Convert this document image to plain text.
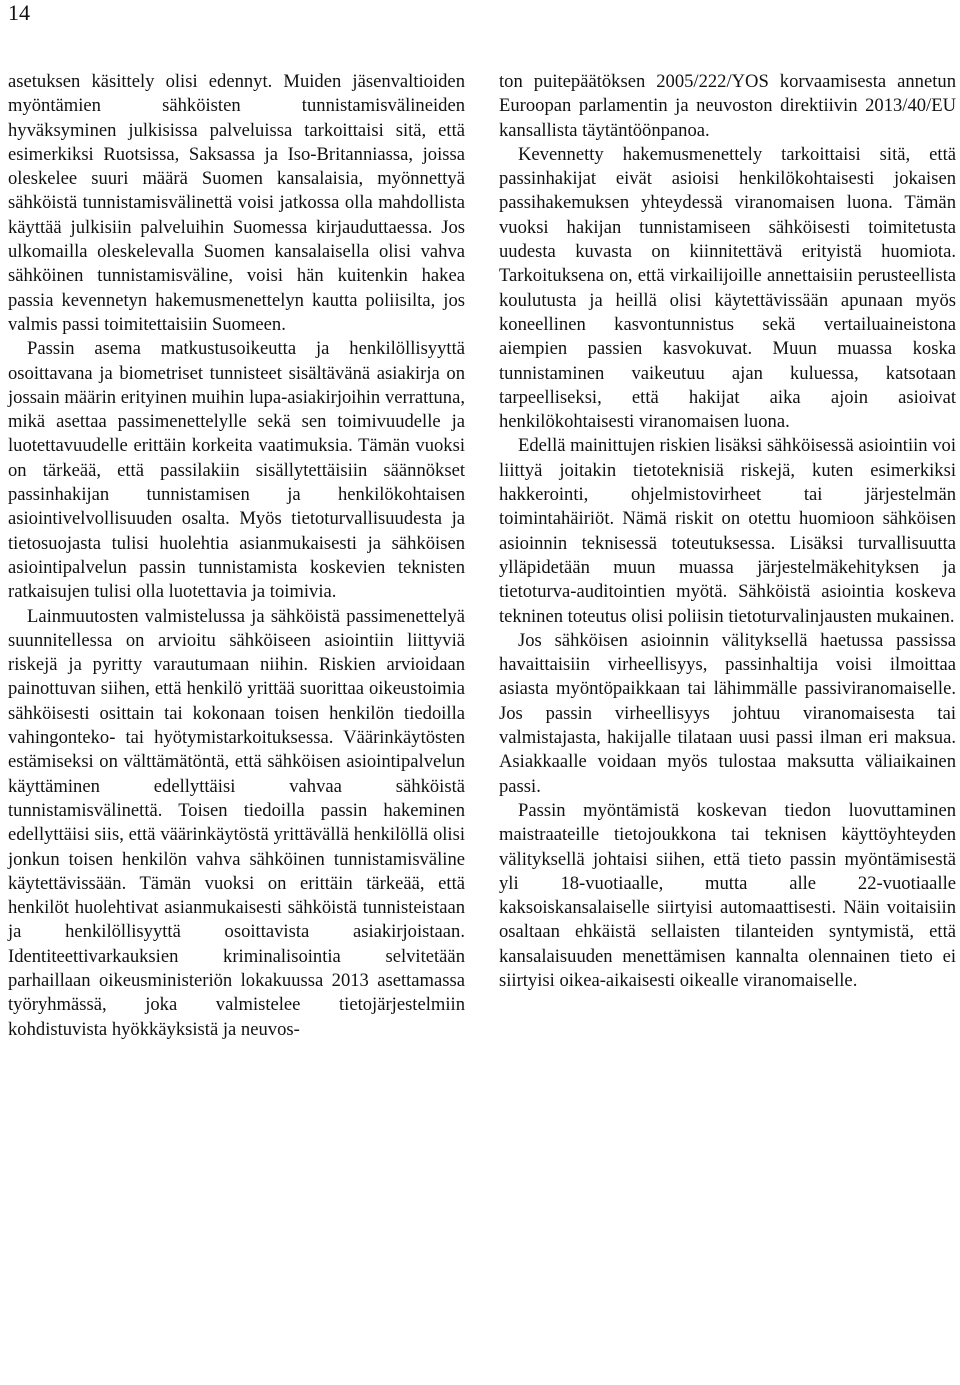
14

asetuksen käsittely olisi edennyt. Muiden jäsenvaltioiden myöntämien sähköisten tunnistamisvälineiden hyväksyminen julkisissa palveluissa tarkoittaisi sitä, että esimerkiksi Ruotsissa, Saksassa ja Iso-Britanniassa, joissa oleskelee suuri määrä Suomen kansalaisia, myönnettyä sähköistä tunnistamisvälinettä voisi jatkossa olla mahdollista käyttää julkisiin palveluihin Suomessa kirjauduttaessa. Jos ulkomailla oleskelevalla Suomen kansalaisella olisi vahva sähköinen tunnistamisväline, voisi hän kuitenkin hakea passia kevennetyn hakemusmenettelyn kautta poliisilta, jos valmis passi toimitettaisiin Suomeen.

Passin asema matkustusoikeutta ja henkilöllisyyttä osoittavana ja biometriset tunnisteet sisältävänä asiakirja on jossain määrin erityinen muihin lupa-asiakirjoihin verrattuna, mikä asettaa passimenettelylle sekä sen toimivuudelle ja luotettavuudelle erittäin korkeita vaatimuksia. Tämän vuoksi on tärkeää, että passilakiin sisällytettäisiin säännökset passinhakijan tunnistamisen ja henkilökohtaisen asiointivelvollisuuden osalta. Myös tietoturvallisuudesta ja tietosuojasta tulisi huolehtia asianmukaisesti ja sähköisen asiointipalvelun passin tunnistamista koskevien teknisten ratkaisujen tulisi olla luotettavia ja toimivia.

Lainmuutosten valmistelussa ja sähköistä passimenettelyä suunnitellessa on arvioitu sähköiseen asiointiin liittyviä riskejä ja pyritty varautumaan niihin. Riskien arvioidaan painottuvan siihen, että henkilö yrittää suorittaa oikeustoimia sähköisesti osittain tai kokonaan toisen henkilön tiedoilla vahingonteko- tai hyötymistarkoituksessa. Väärinkäytösten estämiseksi on välttämätöntä, että sähköisen asiointipalvelun käyttäminen edellyttäisi vahvaa sähköistä tunnistamisvälinettä. Toisen tiedoilla passin hakeminen edellyttäisi siis, että väärinkäytöstä yrittävällä henkilöllä olisi jonkun toisen henkilön vahva sähköinen tunnistamisväline käytettävissään. Tämän vuoksi on erittäin tärkeää, että henkilöt huolehtivat asianmukaisesti sähköistä tunnisteistaan ja henkilöllisyyttä osoittavista asiakirjoistaan. Identiteettivarkauksien kriminalisointia selvitetään parhaillaan oikeusministeriön lokakuussa 2013 asettamassa työryhmässä, joka valmistelee tietojärjestelmiin kohdistuvista hyökkäyksistä ja neuvos-

ton puitepäätöksen 2005/222/YOS korvaamisesta annetun Euroopan parlamentin ja neuvoston direktiivin 2013/40/EU kansallista täytäntöönpanoa.

Kevennetty hakemusmenettely tarkoittaisi sitä, että passinhakijat eivät asioisi henkilökohtaisesti jokaisen passihakemuksen yhteydessä viranomaisen luona. Tämän vuoksi hakijan tunnistamiseen sähköisesti toimitetusta uudesta kuvasta on kiinnitettävä erityistä huomiota. Tarkoituksena on, että virkailijoille annettaisiin perusteellista koulutusta ja heillä olisi käytettävissään apunaan myös koneellinen kasvontunnistus sekä vertailuaineistona aiempien passien kasvokuvat. Muun muassa koska tunnistaminen vaikeutuu ajan kuluessa, katsotaan tarpeelliseksi, että hakijat aika ajoin asioivat henkilökohtaisesti viranomaisen luona.

Edellä mainittujen riskien lisäksi sähköisessä asiointiin voi liittyä joitakin tietoteknisiä riskejä, kuten esimerkiksi hakkerointi, ohjelmistovirheet tai järjestelmän toimintahäiriöt. Nämä riskit on otettu huomioon sähköisen asioinnin teknisessä toteutuksessa. Lisäksi turvallisuutta ylläpidetään muun muassa järjestelmäkehityksen ja tietoturva-auditointien myötä. Sähköistä asiointia koskeva tekninen toteutus olisi poliisin tietoturvalinjausten mukainen.

Jos sähköisen asioinnin välityksellä haetussa passissa havaittaisiin virheellisyys, passinhaltija voisi ilmoittaa asiasta myöntöpaikkaan tai lähimmälle passiviranomaiselle. Jos passin virheellisyys johtuu viranomaisesta tai valmistajasta, hakijalle tilataan uusi passi ilman eri maksua. Asiakkaalle voidaan myös tulostaa maksutta väliaikainen passi.

Passin myöntämistä koskevan tiedon luovuttaminen maistraateille tietojoukkona tai teknisen käyttöyhteyden välityksellä johtaisi siihen, että tieto passin myöntämisestä yli 18-vuotiaalle, mutta alle 22-vuotiaalle kaksoiskansalaiselle siirtyisi automaattisesti. Näin voitaisiin osaltaan ehkäistä sellaisten tilanteiden syntymistä, että kansalaisuuden menettämisen kannalta olennainen tieto ei siirtyisi oikea-aikaisesti oikealle viranomaiselle.
